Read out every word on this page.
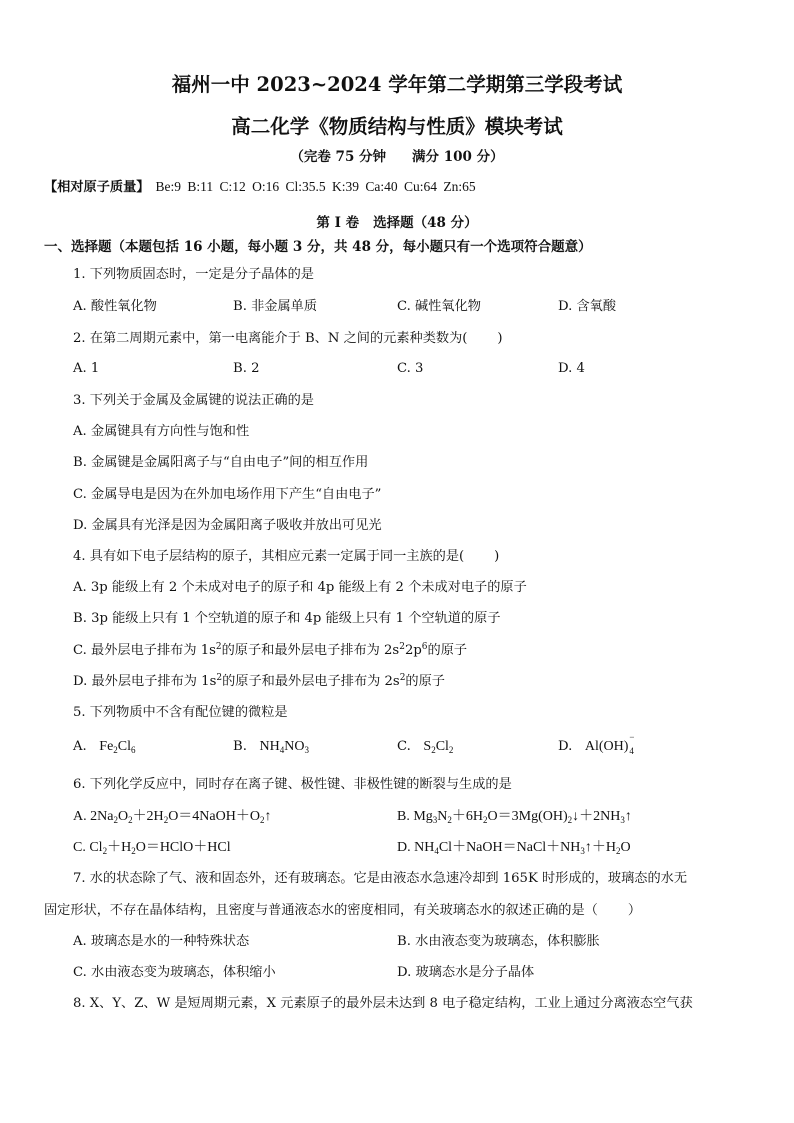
福州一中 2023~2024 学年第二学期第三学段考试
高二化学《物质结构与性质》模块考试
（完卷 75 分钟 满分 100 分）
【相对原子质量】 Be:9 B:11 C:12 O:16 Cl:35.5 K:39 Ca:40 Cu:64 Zn:65
第 Ⅰ 卷 选择题（48 分）
一、选择题（本题包括 16 小题，每小题 3 分，共 48 分，每小题只有一个选项符合题意）
1. 下列物质固态时，一定是分子晶体的是
A. 酸性氧化物	B. 非金属单质	C. 碱性氧化物	D. 含氧酸
2. 在第二周期元素中，第一电离能介于 B、N 之间的元素种类数为( )
A. 1	B. 2	C. 3	D. 4
3. 下列关于金属及金属键的说法正确的是
A. 金属键具有方向性与饱和性
B. 金属键是金属阳离子与“自由电子”间的相互作用
C. 金属导电是因为在外加电场作用下产生“自由电子”
D. 金属具有光泽是因为金属阳离子吸收并放出可见光
4. 具有如下电子层结构的原子，其相应元素一定属于同一主族的是( )
A. 3p 能级上有 2 个未成对电子的原子和 4p 能级上有 2 个未成对电子的原子
B. 3p 能级上只有 1 个空轨道的原子和 4p 能级上只有 1 个空轨道的原子
C. 最外层电子排布为 $1s^2$的原子和最外层电子排布为 $2s^22p^6$的原子
D. 最外层电子排布为 $1s^2$的原子和最外层电子排布为 $2s^2$的原子
5. 下列物质中不含有配位键的微粒是
A. $Fe_2Cl_6$	B. $NH_4NO_3$	C. $S_2Cl_2$	D. Al(OH)
−
4
6. 下列化学反应中，同时存在离子键、极性键、非极性键的断裂与生成的是
A. $2Na_2O_2+2H_2O=4NaOH+O_2↑$	B. $Mg_3N_2+6H_2O=3Mg(OH)_2↓+2NH_3↑$
C. $Cl_2+H_2O=HClO+HCl$	D. $NH_4Cl+NaOH=NaCl+NH_3↑+H_2O$
7. 水的状态除了气、液和固态外，还有玻璃态。它是由液态水急速冷却到 165K 时形成的，玻璃态的水无
固定形状，不存在晶体结构，且密度与普通液态水的密度相同，有关玻璃态水的叙述正确的是（ ）
A. 玻璃态是水的一种特殊状态	B. 水由液态变为玻璃态，体积膨胀
C. 水由液态变为玻璃态，体积缩小	D. 玻璃态水是分子晶体
8. X、Y、Z、W 是短周期元素，X 元素原子的最外层未达到 8 电子稳定结构，工业上通过分离液态空气获
